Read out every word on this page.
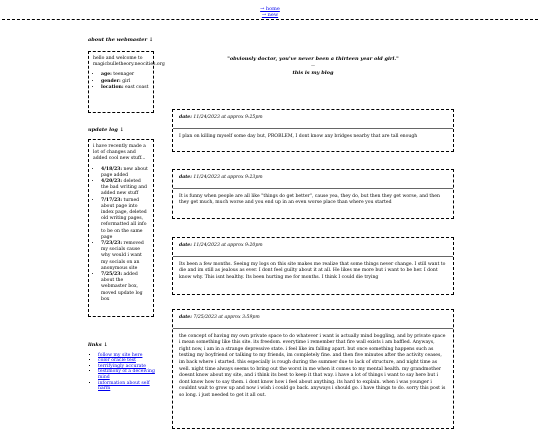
→ home
→ new
about the webmaster ↓

hello and welcome to magicbulletheory.neocities.org

• age: teenager
• gender: girl
• location: east coast
update log ↓

i have recently made a lot of changes and added cool new stuff...

• 4/18/23: new about page added
• 4/20/23: deleted the bad writing and added new stuff
• 7/17/23: turned about page into index page, deleted old writing pages, reformatted all info to be on the same page
• 7/23/23: removed my socials cause why would i want my socials on an anonymous site
• 7/25/23: added about the webmaster box, moved update log box
links ↓
▪ follow my site here
▪ color oracle test
▪ terrifyingly accurate
▪ testimony of a deceiving mind
▪ information about self harm
"obviously doctor, you've never been a thirteen year old girl."
—
this is my blog
date: 11/24/2023 at approx 9:25pm
I plan on killing myself some day but, PROBLEM, I dont know any bridges nearby that are tall enough
date: 11/24/2023 at approx 9:23pm
It is funny when people are all like "things do get better", cause yea, they do, but then they get worse, and then they get much, much worse and you end up in an even worse place than where you started
date: 11/24/2023 at approx 9:20pm
Its been a few months. Seeing my logs on this site makes me realize that some things never change. I still want to die and im still as jealous as ever. I dont feel guilty about it at all. He likes me more but i want to be her. I dont know why. This isnt healthy. Its been hurting me for months. I think I could die trying
date: 7/25/2023 at approx 3:59pm
the concept of having my own private space to do whatever i want is actually mind boggling, and by private space i mean something like this site. its freedom. everytime i remember that fire wall exists i am baffled. Anyways, right now, i am in a strange depressive state. i feel like im falling apart. but once something happens such as texting my boyfriend or talking to my friends, im completely fine. and then five minutes after the activity ceases, im back where i started. this especially is rough during the summer due to lack of structure, and night time as well. night time always seems to bring out the worst in me when it comes to my mental health. my grandmother doesnt know about my site, and i think its best to keep it that way. i have a lot of things i want to say here but i dont know how to say them. i dont know how i feel about anything. its hard to explain. when i was younger i couldnt wait to grow up and now i wish i could go back. anyways i should go. i have things to do. sorry this post is so long. i just needed to get it all out.
